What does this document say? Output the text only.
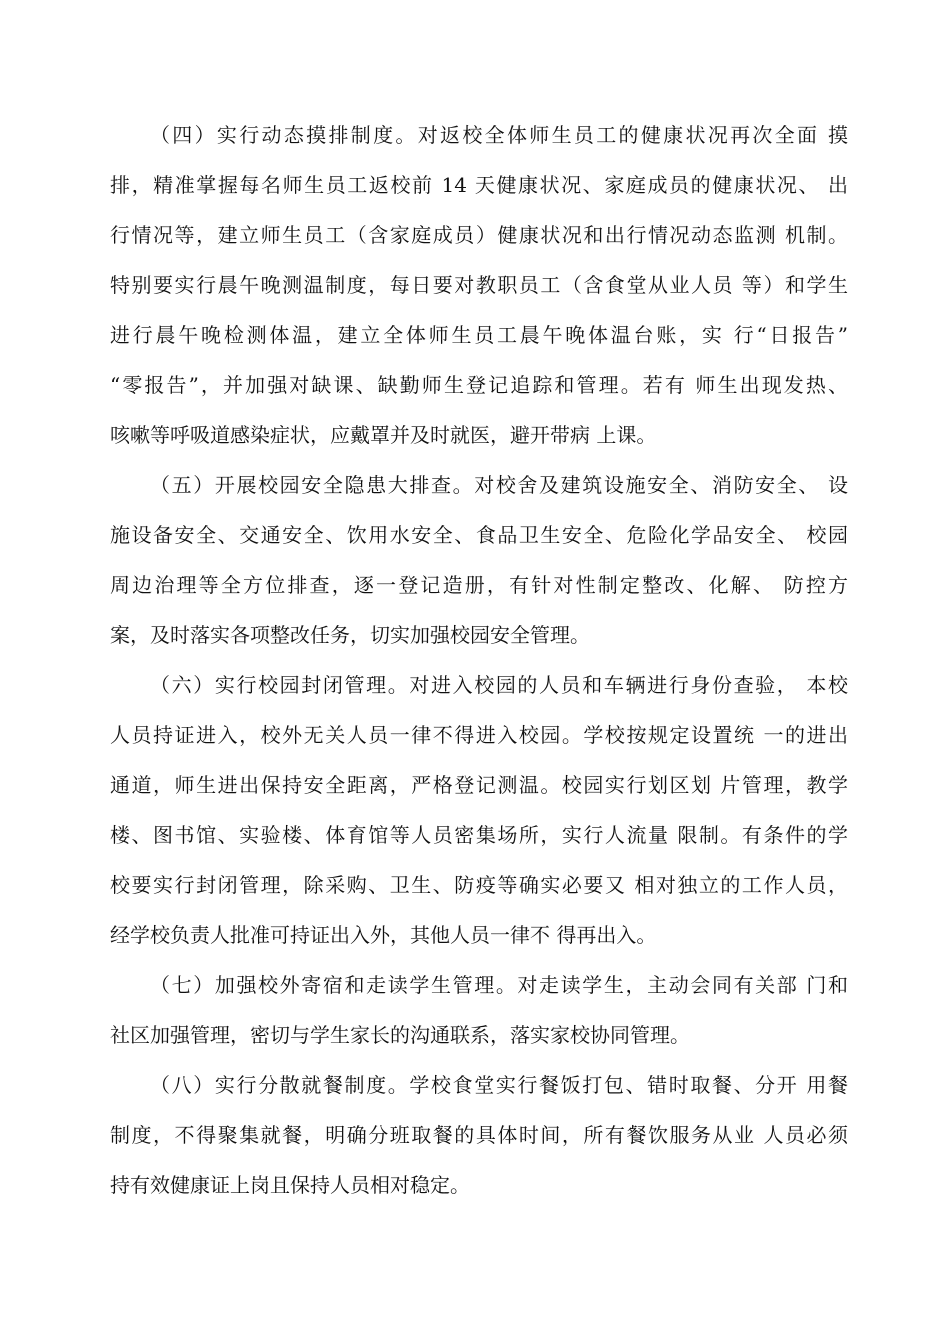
（四）实行动态摸排制度。对返校全体师生员工的健康状况再次全面 摸
排，精准掌握每名师生员工返校前 14 天健康状况、家庭成员的健康状况、 出
行情况等，建立师生员工（含家庭成员）健康状况和出行情况动态监测 机制。
特别要实行晨午晚测温制度，每日要对教职员工（含食堂从业人员 等）和学生
进行晨午晚检测体温，建立全体师生员工晨午晚体温台账，实 行“日报告”
“零报告”，并加强对缺课、缺勤师生登记追踪和管理。若有 师生出现发热、
咳嗽等呼吸道感染症状，应戴罩并及时就医，避开带病 上课。
（五）开展校园安全隐患大排查。对校舍及建筑设施安全、消防安全、 设
施设备安全、交通安全、饮用水安全、食品卫生安全、危险化学品安全、 校园
周边治理等全方位排查，逐一登记造册，有针对性制定整改、化解、 防控方
案，及时落实各项整改任务，切实加强校园安全管理。
（六）实行校园封闭管理。对进入校园的人员和车辆进行身份查验， 本校
人员持证进入，校外无关人员一律不得进入校园。学校按规定设置统 一的进出
通道，师生进出保持安全距离，严格登记测温。校园实行划区划 片管理，教学
楼、图书馆、实验楼、体育馆等人员密集场所，实行人流量 限制。有条件的学
校要实行封闭管理，除采购、卫生、防疫等确实必要又 相对独立的工作人员，
经学校负责人批准可持证出入外，其他人员一律不 得再出入。
（七）加强校外寄宿和走读学生管理。对走读学生，主动会同有关部 门和
社区加强管理，密切与学生家长的沟通联系，落实家校协同管理。
（八）实行分散就餐制度。学校食堂实行餐饭打包、错时取餐、分开 用餐
制度，不得聚集就餐，明确分班取餐的具体时间，所有餐饮服务从业 人员必须
持有效健康证上岗且保持人员相对稳定。
